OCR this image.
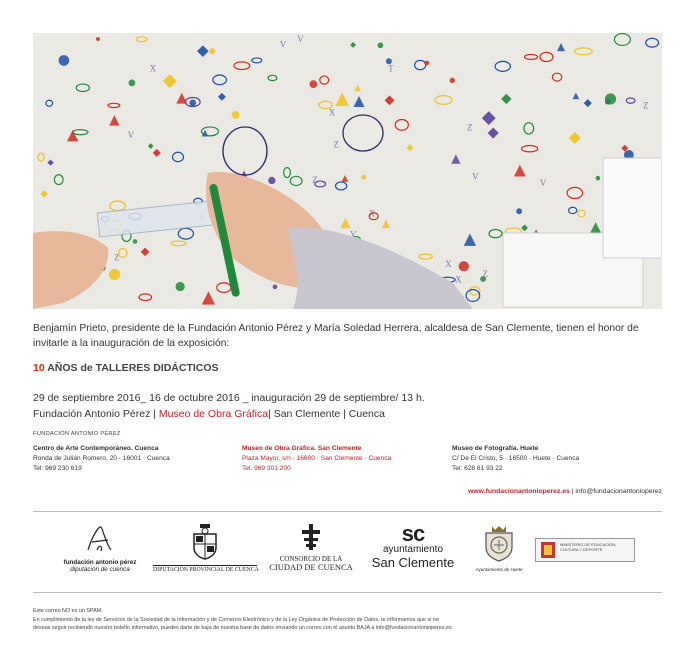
X
Z
V
T
V
Z
V
V
Z
Z
X
X
V
X
X
Z
Z
V
Benjamín Prieto, presidente de la Fundación Antonio Pérez y María Soledad Herrera, alcaldesa de San Clemente, tienen el honor de invitarle a la inauguración de la exposición:
10 AÑOS de TALLERES DIDÁCTICOS
29 de septiembre 2016_ 16 de octubre 2016 _ inauguración 29 de septiembre/ 13 h.
Fundación Antonio Pérez | Museo de Obra Gráfica| San Clemente | Cuenca
FUNDACIÓN ANTONIO PÉREZ
Centro de Arte Contemporáneo. Cuenca
Ronda de Julián Romero, 20 · 16001 · Cuenca
Tel: 969 230 619
Museo de Obra Gráfica. San Clemente
Plaza Mayor, s/n · 16600 · San Clemente · Cuenca
Tel. 969 301 200
Museo de Fotografía. Huete
C/ De El Cristo, 5 · 16500 · Huete · Cuenca
Tel: 628 61 93 22
www.fundacionantonioperez.es | info@fundacionantonioperez
fundación antonio pérez
diputación de cuenca	DIPUTACIÓN PROVINCIAL DE CUENCA
CONSORCIO DE LA
CIUDAD DE CUENCA
sc
ayuntamiento
San Clemente	Ayuntamiento de Huete
MINISTERIO DE EDUCACIÓN, CULTURA Y DEPORTE
Este correo NO es un SPAM.
En cumplimiento de la ley de Servicios de la Sociedad de la Información y de Comercio Electrónico y de la Ley Orgánica de Protección de Datos, te informamos que si no
deseas seguir recibiendo nuestro boletín informativo, puedes darte de baja de nuestra base de datos enviando un correo con el asunto BAJA a info@fundacionantonioperez.es
